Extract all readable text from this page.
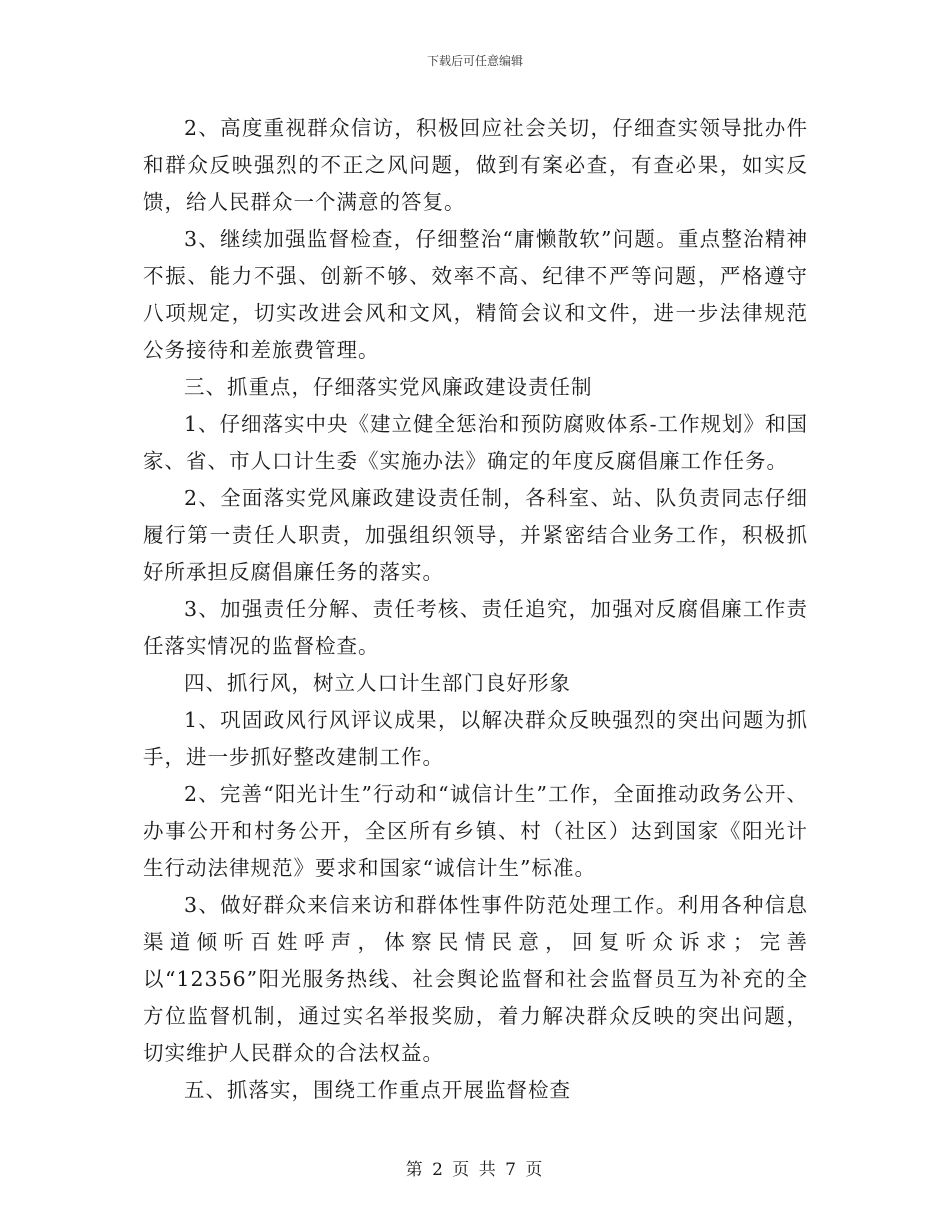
下载后可任意编辑

2、高度重视群众信访，积极回应社会关切，仔细查实领导批办件和群众反映强烈的不正之风问题，做到有案必查，有查必果，如实反馈，给人民群众一个满意的答复。

3、继续加强监督检查，仔细整治“庸懒散软”问题。重点整治精神不振、能力不强、创新不够、效率不高、纪律不严等问题，严格遵守八项规定，切实改进会风和文风，精简会议和文件，进一步法律规范公务接待和差旅费管理。

三、抓重点，仔细落实党风廉政建设责任制

1、仔细落实中央《建立健全惩治和预防腐败体系-工作规划》和国家、省、市人口计生委《实施办法》确定的年度反腐倡廉工作任务。

2、全面落实党风廉政建设责任制，各科室、站、队负责同志仔细履行第一责任人职责，加强组织领导，并紧密结合业务工作，积极抓好所承担反腐倡廉任务的落实。

3、加强责任分解、责任考核、责任追究，加强对反腐倡廉工作责任落实情况的监督检查。

四、抓行风，树立人口计生部门良好形象

1、巩固政风行风评议成果，以解决群众反映强烈的突出问题为抓手，进一步抓好整改建制工作。

2、完善“阳光计生”行动和“诚信计生”工作，全面推动政务公开、办事公开和村务公开，全区所有乡镇、村（社区）达到国家《阳光计生行动法律规范》要求和国家“诚信计生”标准。

3、做好群众来信来访和群体性事件防范处理工作。利用各种信息渠道倾听百姓呼声，体察民情民意，回复听众诉求；完善以“12356”阳光服务热线、社会舆论监督和社会监督员互为补充的全方位监督机制，通过实名举报奖励，着力解决群众反映的突出问题，切实维护人民群众的合法权益。

五、抓落实，围绕工作重点开展监督检查

第 2 页 共 7 页
